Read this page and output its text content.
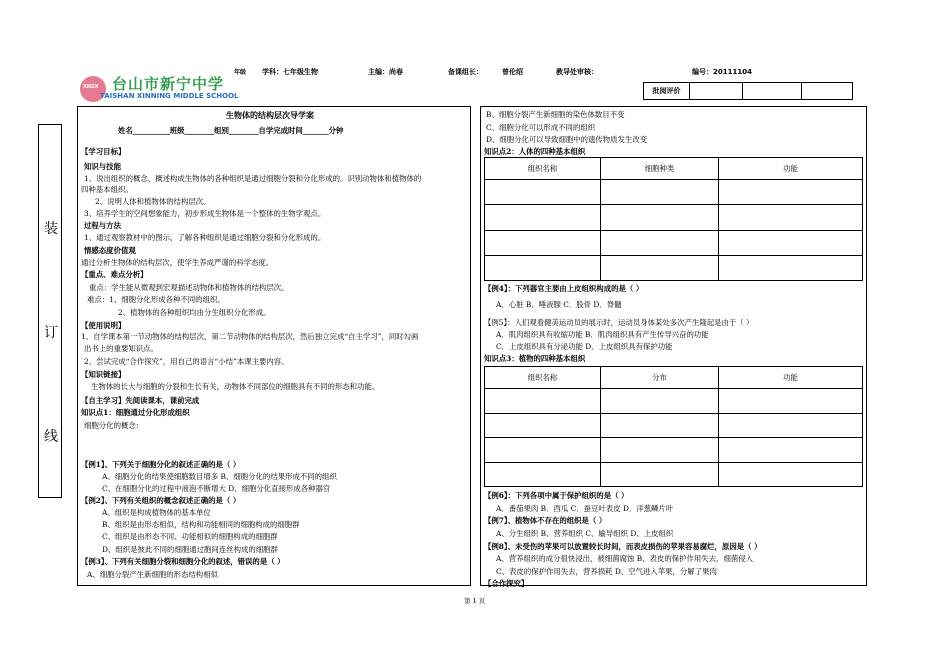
XNZX 台山市新宁中学
TAISHAN XINNING MIDDLE SCHOOL
年级 学科：七年级生物	主编：尚春	备课组长：	曾伦绍	教导处审核：	编号：20111104
批阅评价			
装
订
线
生物体的结构层次导学案
姓名__________班级________组别________自学完成时间_______分钟
【学习目标】
知识与技能
1、说出组织的概念，概述构成生物体的各种组织是通过细胞分裂和分化形成的。识别动物体和植物体的
四种基本组织。
2、说明人体和植物体的结构层次。
3、培养学生的空间想象能力，初步形成生物体是一个整体的生物学观点。
过程与方法
1、通过观察教材中的图示，了解各种组织是通过细胞分裂和分化形成的。
情感态度价值观
通过分析生物体的结构层次，使学生养成严谨的科学态度。
【重点、难点分析】
重点：学生能从微观到宏观描述动物体和植物体的结构层次。
难点：1、细胞分化形成各种不同的组织。
2、植物体的各种组织均由分生组织分化形成。
【使用说明】
1、自学课本第一节动物体的结构层次，第二节动物体的结构层次，然后独立完成“自主学习”，同时勾画
出书上的重要知识点。
2、尝试完成“合作探究”，用自己的语言“小结”本课主要内容。
【知识链接】
生物体的长大与细胞的分裂和生长有关，动物体不同部位的细胞具有不同的形态和功能。
【自主学习】先阅读课本，课前完成
知识点1：细胞通过分化形成组织
细胞分化的概念：
【例1】、下列关于细胞分化的叙述正确的是（ ）
A、细胞分化的结果使细胞数目增多 B、细胞分化的结果形成不同的组织
C、在细胞分化的过程中液泡不断增大 D、细胞分化直接形成各种器官
【例2】、下列有关组织的概念叙述正确的是（ ）
A、组织是构成植物体的基本单位
B、组织是由形态相似，结构和功能相同的细胞构成的细胞群
C、组织是由形态不同、功能相似的细胞构成的细胞群
D、组织是彼此不同的细胞通过胞间连丝构成的细胞群
【例3】、下列有关细胞分裂和细胞分化的叙述，错误的是（ ）
A、细胞分裂产生新细胞的形态结构相似
B、细胞分裂产生新细胞的染色体数目不变
C、细胞分化可以形成不同的组织
D、细胞分化可以导致细胞中的遗传物质发生改变
知识点2：人体的四种基本组织
【例4】：下列器官主要由上皮组织构成的是（ ）
A．心脏 B．唾液腺 C．股骨 D．脊髓
【例5】：人们观看健美运动员的展示时，运动员身体某处多次产生隆起是由于（ ）
A．肌肉组织具有收缩功能 B．肌肉组织具有产生传导兴奋的功能
C．上皮组织具有分泌功能 D．上皮组织具有保护功能
知识点3：植物的四种基本组织
【例6】：下列各项中属于保护组织的是（ ）
A．番茄果肉 B．西瓜 C．蚕豆叶表皮 D．洋葱鳞片叶
【例7】、植物体不存在的组织是（ ）
A、分生组织 B、营养组织 C、输导组织 D、上皮组织
【例8】、未受伤的苹果可以放置较长时间，而表皮损伤的苹果容易腐烂，原因是（ ）
A、营养组织的成分很快浸出，被细菌腐蚀 B、表皮的保护作用失去，细菌侵入
C、表皮的保护作用失去，营养损耗 D、空气进入苹果，分解了果肉
【合作探究】
组织名称	细胞种类	功能

组织名称	分布	功能

第 1 页
